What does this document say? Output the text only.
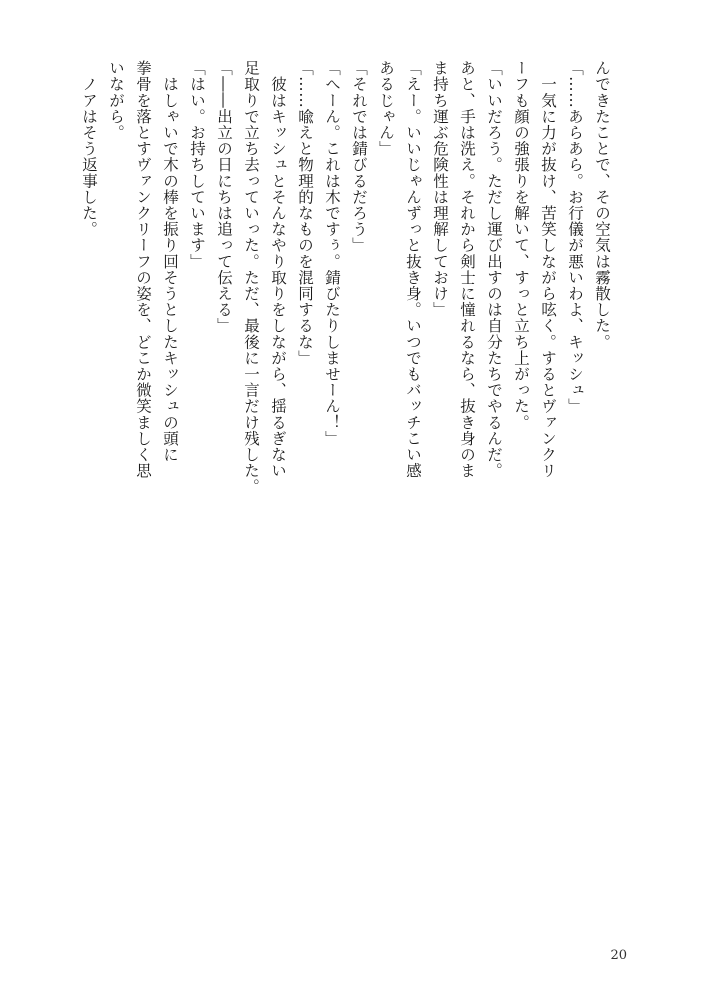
んできたことで、その空気は霧散した。
「……あらあら。お行儀が悪いわよ、キッシュ」
　一気に力が抜け、苦笑しながら呟く。するとヴァンクリ
ーフも顔の強張りを解いて、すっと立ち上がった。
「いいだろう。ただし運び出すのは自分たちでやるんだ。
あと、手は洗え。それから剣士に憧れるなら、抜き身のま
ま持ち運ぶ危険性は理解しておけ」
「えー。いいじゃんずっと抜き身。いつでもバッチこい感
あるじゃん」
「それでは錆びるだろう」
「へーん。これは木ですぅ。錆びたりしませーん！」
「……喩えと物理的なものを混同するな」
　彼はキッシュとそんなやり取りをしながら、揺るぎない
足取りで立ち去っていった。ただ、最後に一言だけ残した。
「――出立の日にちは追って伝える」
「はい。お持ちしています」
　はしゃいで木の棒を振り回そうとしたキッシュの頭に
拳骨を落とすヴァンクリーフの姿を、どこか微笑ましく思
いながら。
　ノアはそう返事した。
20
